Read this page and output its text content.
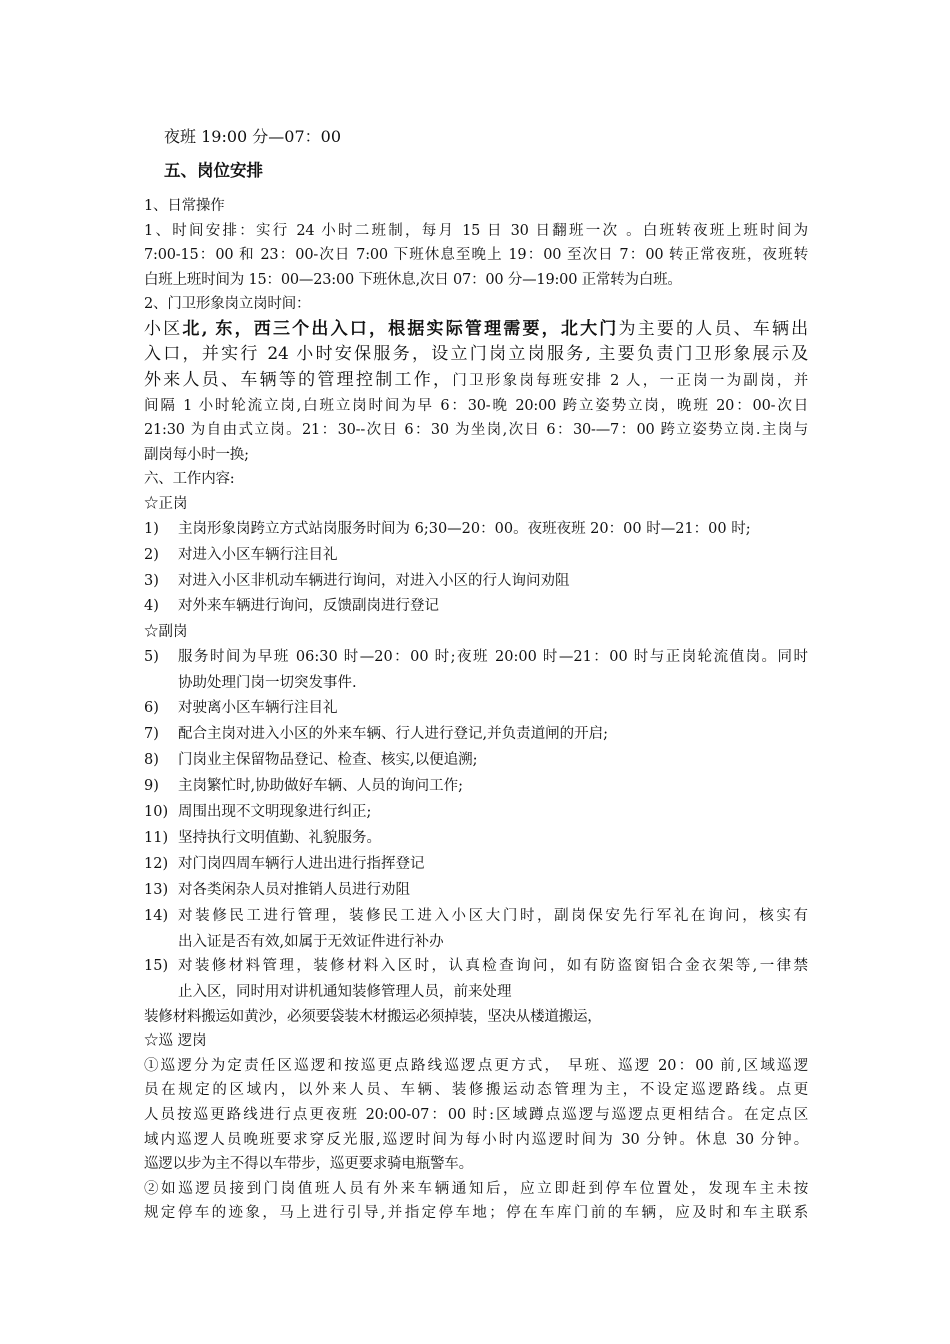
夜班 19:00 分—07：00
五、岗位安排
1、日常操作
1、时间安排：实行 24 小时二班制，每月 15 日 30 日翻班一次 。白班转夜班上班时间为
7:00-15：00 和 23：00-次日 7:00 下班休息至晚上 19：00 至次日 7：00 转正常夜班，夜班转
白班上班时间为 15：00—23:00 下班休息,次日 07：00 分—19:00 正常转为白班。
2、门卫形象岗立岗时间：
小区北, 东，西三个出入口，根据实际管理需要，北大门为主要的人员、车辆出
入口，并实行 24 小时安保服务，设立门岗立岗服务, 主要负责门卫形象展示及
外来人员、车辆等的管理控制工作，门卫形象岗每班安排 2 人，一正岗一为副岗，并
间隔 1 小时轮流立岗,白班立岗时间为早 6：30-晚 20:00 跨立姿势立岗，晚班 20：00-次日
21:30 为自由式立岗。21：30--次日 6：30 为坐岗,次日 6：30-—7：00 跨立姿势立岗.主岗与
副岗每小时一换;
六、工作内容:
☆正岗
1)	主岗形象岗跨立方式站岗服务时间为 6;30—20：00。夜班夜班 20：00 时—21：00 时;
2)	对进入小区车辆行注目礼
3)	对进入小区非机动车辆进行询问，对进入小区的行人询问劝阻
4)	对外来车辆进行询问，反馈副岗进行登记
☆副岗
5)	服务时间为早班 06:30 时—20：00 时;夜班 20:00 时—21：00 时与正岗轮流值岗。同时
协助处理门岗一切突发事件.
6)	对驶离小区车辆行注目礼
7)	配合主岗对进入小区的外来车辆、行人进行登记,并负责道闸的开启;
8)	门岗业主保留物品登记、检查、核实,以便追溯;
9)	主岗繁忙时,协助做好车辆、人员的询问工作;
10) 周围出现不文明现象进行纠正;
11) 坚持执行文明值勤、礼貌服务。
12) 对门岗四周车辆行人进出进行指挥登记
13) 对各类闲杂人员对推销人员进行劝阻
14) 对装修民工进行管理，装修民工进入小区大门时，副岗保安先行军礼在询问，核实有
出入证是否有效,如属于无效证件进行补办
15) 对装修材料管理，装修材料入区时，认真检查询问，如有防盗窗铝合金衣架等,一律禁
止入区，同时用对讲机通知装修管理人员，前来处理
装修材料搬运如黄沙，必须要袋装木材搬运必须掉装，坚决从楼道搬运，
☆巡 逻岗
①巡逻分为定责任区巡逻和按巡更点路线巡逻点更方式， 早班、巡逻 20：00 前,区域巡逻
员在规定的区域内，以外来人员、车辆、装修搬运动态管理为主，不设定巡逻路线。点更
人员按巡更路线进行点更夜班 20:00-07：00 时:区域蹲点巡逻与巡逻点更相结合。在定点区
域内巡逻人员晚班要求穿反光服,巡逻时间为每小时内巡逻时间为 30 分钟。休息 30 分钟。
巡逻以步为主不得以车带步，巡更要求骑电瓶警车。
②如巡逻员接到门岗值班人员有外来车辆通知后，应立即赶到停车位置处，发现车主未按
规定停车的迹象，马上进行引导,并指定停车地；停在车库门前的车辆，应及时和车主联系
